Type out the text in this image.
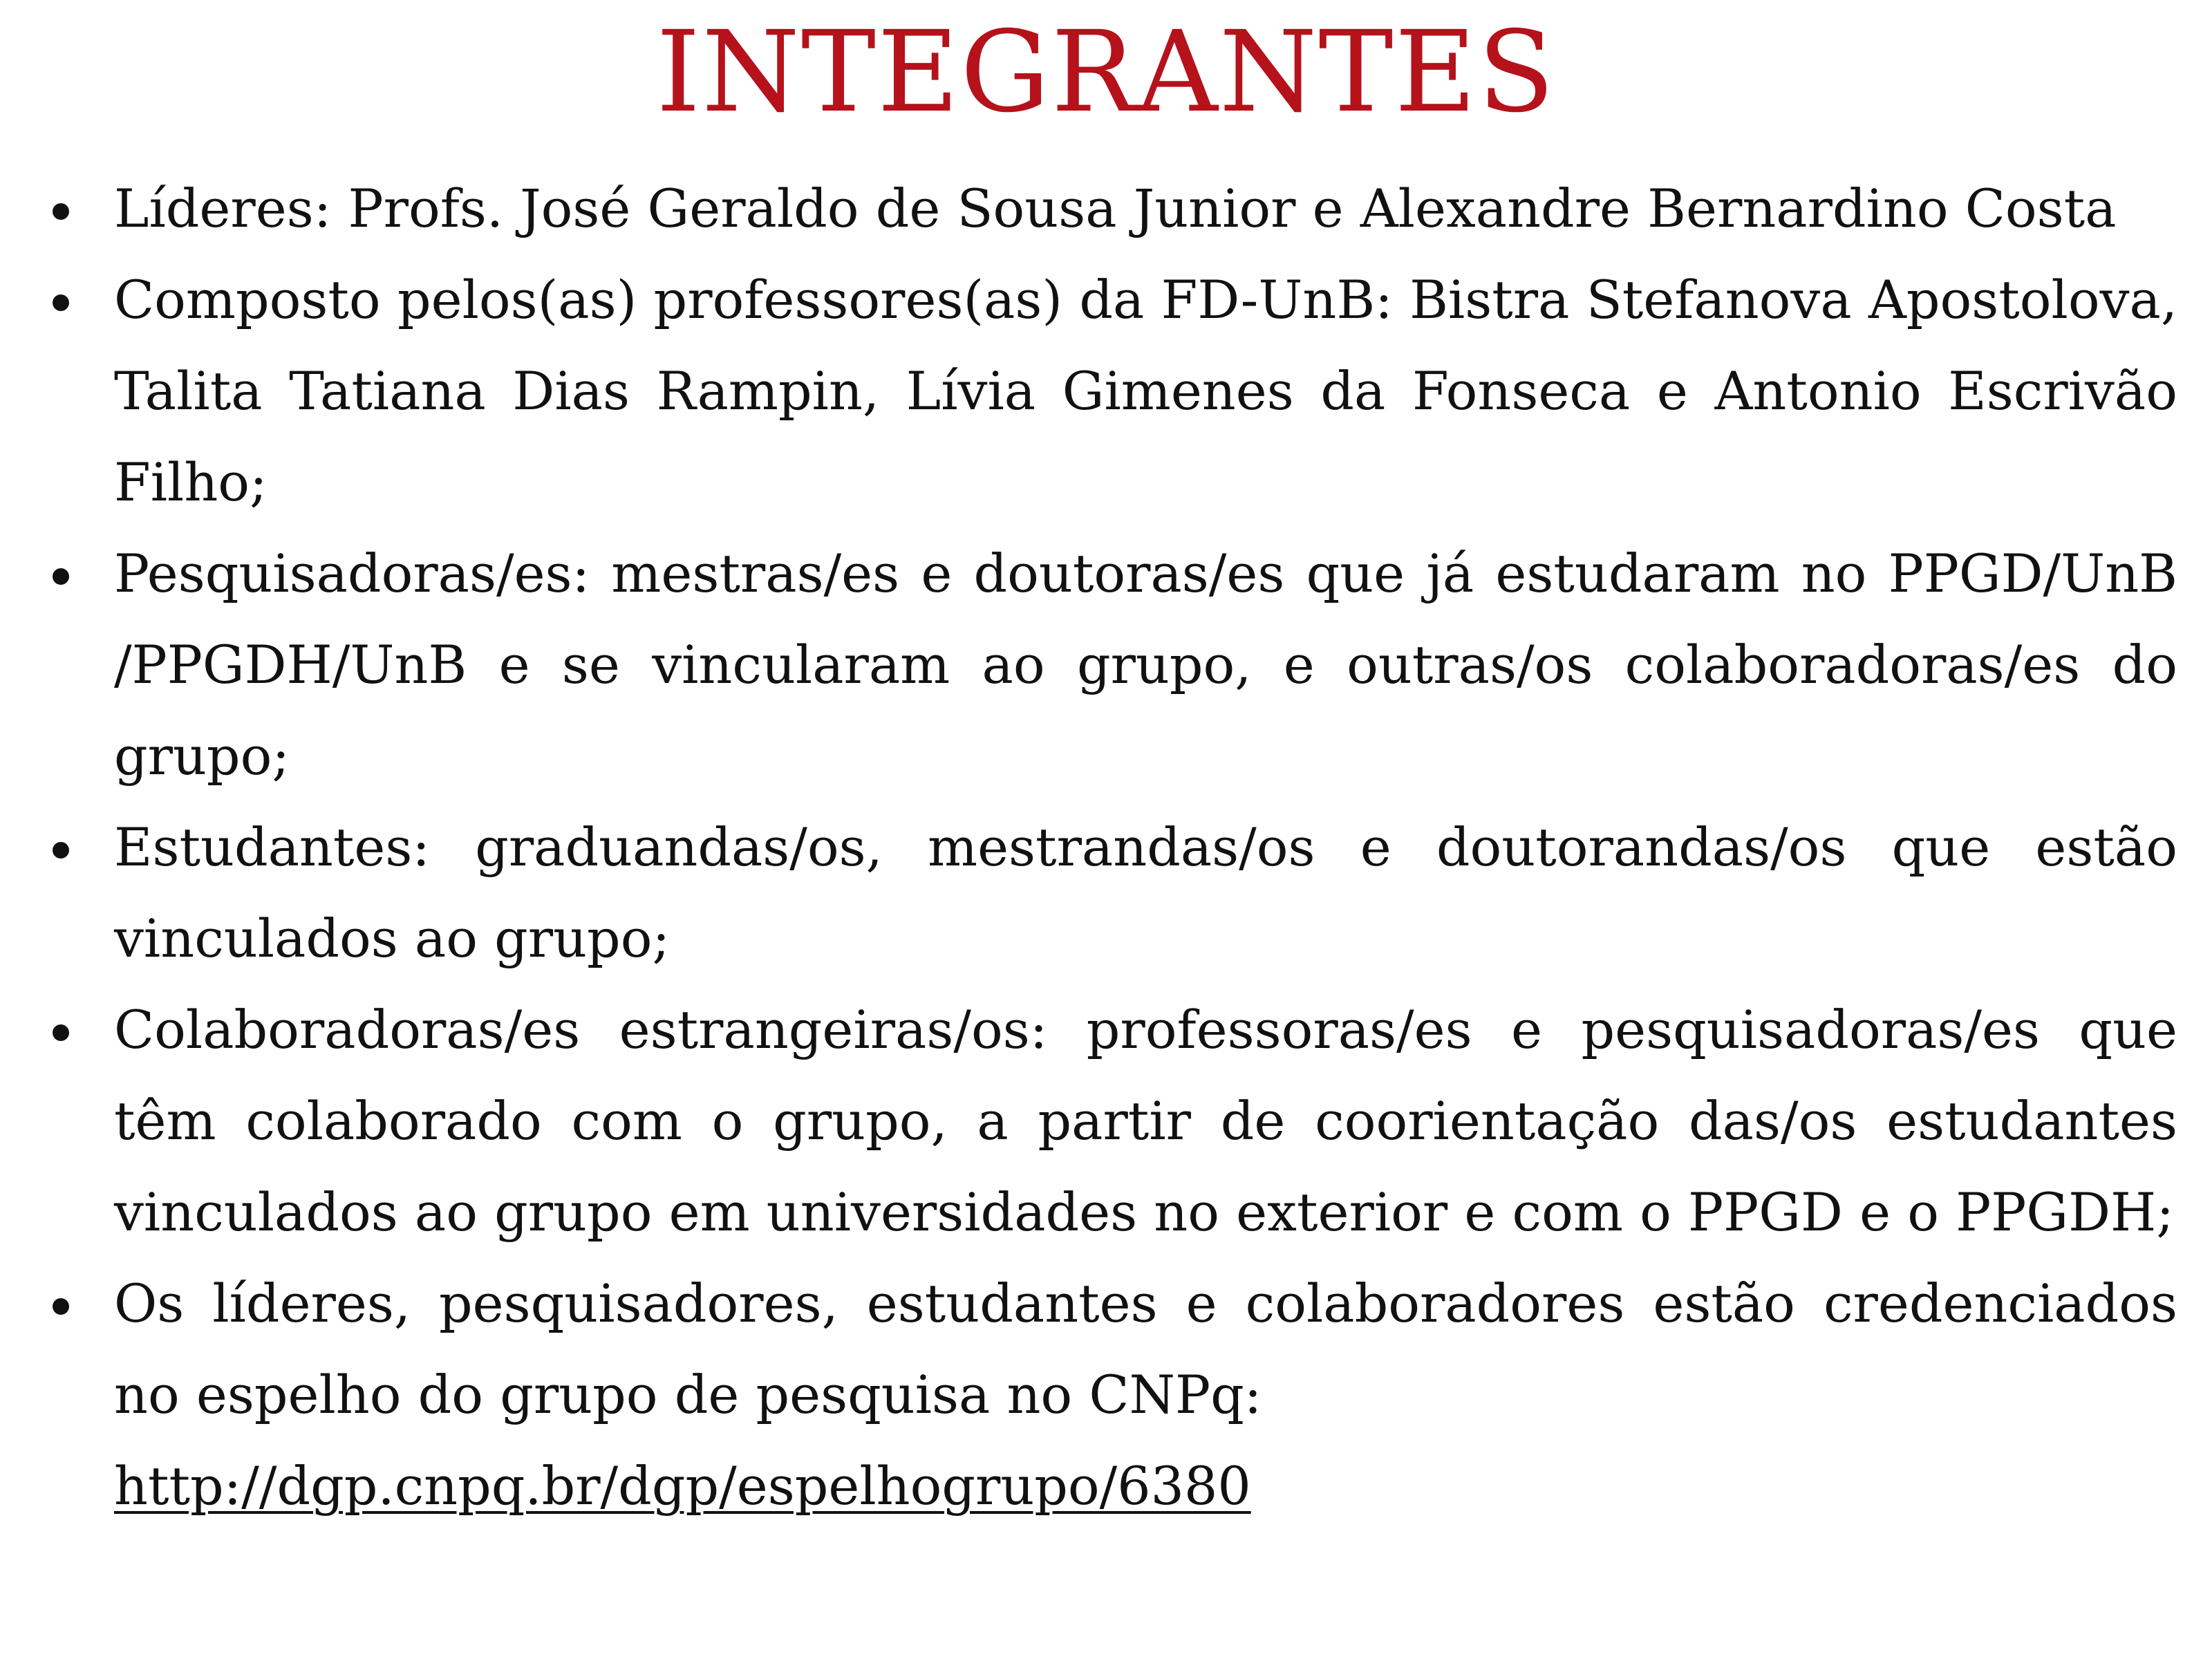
INTEGRANTES
Líderes: Profs. José Geraldo de Sousa Junior e Alexandre Bernardino Costa
Composto pelos(as) professores(as) da FD-UnB: Bistra Stefanova Apostolova, Talita Tatiana Dias Rampin, Lívia Gimenes da Fonseca e Antonio Escrivão Filho;
Pesquisadoras/es: mestras/es e doutoras/es que já estudaram no PPGD/UnB /PPGDH/UnB e se vincularam ao grupo, e outras/os colaboradoras/es do grupo;
Estudantes: graduandas/os, mestrandas/os e doutorandas/os que estão vinculados ao grupo;
Colaboradoras/es estrangeiras/os: professoras/es e pesquisadoras/es que têm colaborado com o grupo, a partir de coorientação das/os estudantes vinculados ao grupo em universidades no exterior e com o PPGD e o PPGDH;
Os líderes, pesquisadores, estudantes e colaboradores estão credenciados no espelho do grupo de pesquisa no CNPq:
http://dgp.cnpq.br/dgp/espelhogrupo/6380
